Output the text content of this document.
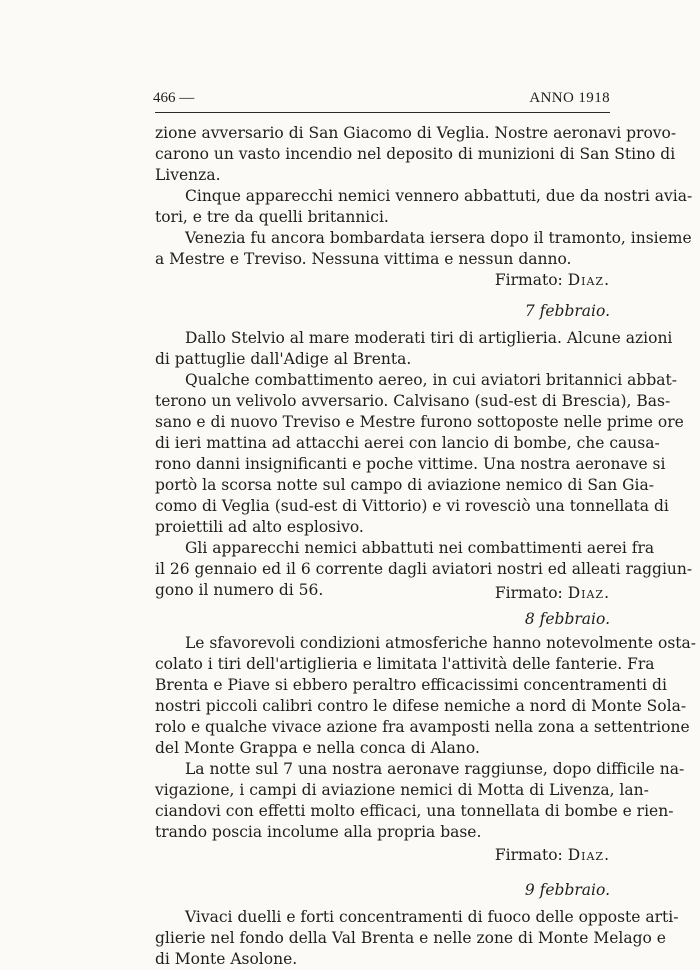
466 —	ANNO 1918
zione avversario di San Giacomo di Veglia. Nostre aeronavi provo-
carono un vasto incendio nel deposito di munizioni di San Stino di
Livenza.
Cinque apparecchi nemici vennero abbattuti, due da nostri avia-
tori, e tre da quelli britannici.
Venezia fu ancora bombardata iersera dopo il tramonto, insieme
a Mestre e Treviso. Nessuna vittima e nessun danno.
Firmato: Diaz.
7 febbraio.
Dallo Stelvio al mare moderati tiri di artiglieria. Alcune azioni
di pattuglie dall'Adige al Brenta.
Qualche combattimento aereo, in cui aviatori britannici abbat-
terono un velivolo avversario. Calvisano (sud-est di Brescia), Bas-
sano e di nuovo Treviso e Mestre furono sottoposte nelle prime ore
di ieri mattina ad attacchi aerei con lancio di bombe, che causa-
rono danni insignificanti e poche vittime. Una nostra aeronave si
portò la scorsa notte sul campo di aviazione nemico di San Gia-
como di Veglia (sud-est di Vittorio) e vi rovesciò una tonnellata di
proiettili ad alto esplosivo.
Gli apparecchi nemici abbattuti nei combattimenti aerei fra
il 26 gennaio ed il 6 corrente dagli aviatori nostri ed alleati raggiun-
gono il numero di 56.	Firmato: Diaz.
8 febbraio.
Le sfavorevoli condizioni atmosferiche hanno notevolmente osta-
colato i tiri dell'artiglieria e limitata l'attività delle fanterie. Fra
Brenta e Piave si ebbero peraltro efficacissimi concentramenti di
nostri piccoli calibri contro le difese nemiche a nord di Monte Sola-
rolo e qualche vivace azione fra avamposti nella zona a settentrione
del Monte Grappa e nella conca di Alano.
La notte sul 7 una nostra aeronave raggiunse, dopo difficile na-
vigazione, i campi di aviazione nemici di Motta di Livenza, lan-
ciandovi con effetti molto efficaci, una tonnellata di bombe e rien-
trando poscia incolume alla propria base.
Firmato: Diaz.
9 febbraio.
Vivaci duelli e forti concentramenti di fuoco delle opposte arti-
glierie nel fondo della Val Brenta e nelle zone di Monte Melago e
di Monte Asolone.
